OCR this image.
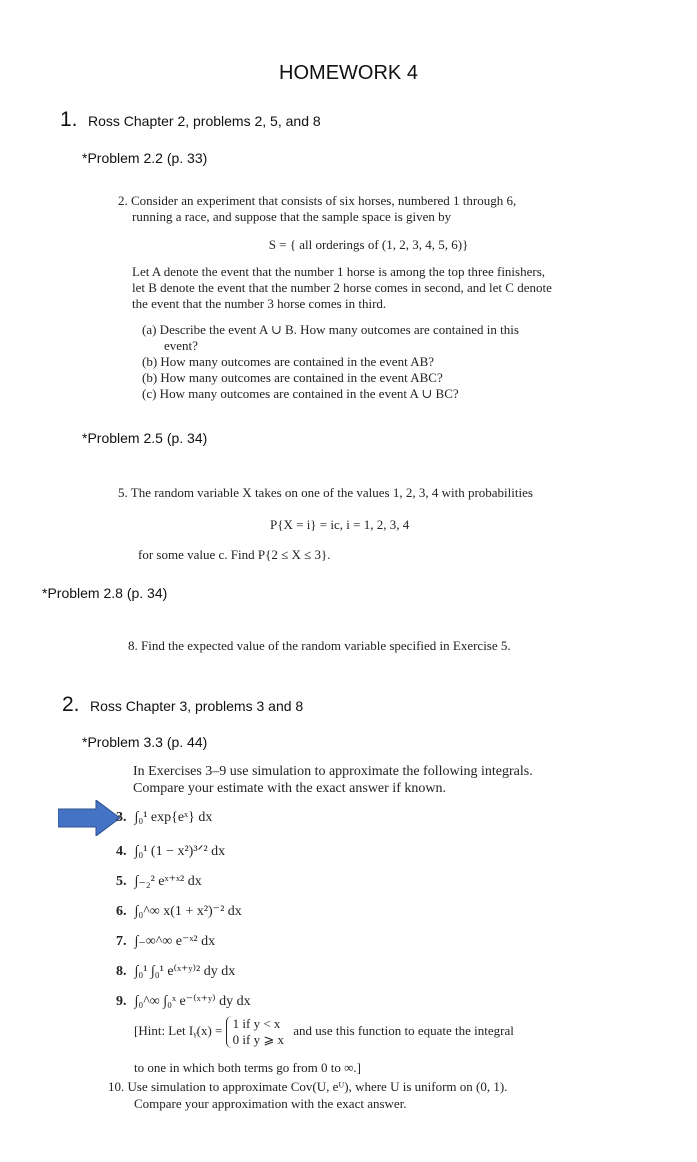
HOMEWORK 4
1. Ross Chapter 2, problems 2, 5, and 8
*Problem 2.2 (p. 33)
2. Consider an experiment that consists of six horses, numbered 1 through 6,
running a race, and suppose that the sample space is given by
S = { all orderings of (1, 2, 3, 4, 5, 6)}
Let A denote the event that the number 1 horse is among the top three finishers,
let B denote the event that the number 2 horse comes in second, and let C denote
the event that the number 3 horse comes in third.
(a) Describe the event A ∪ B. How many outcomes are contained in this
event?
(b) How many outcomes are contained in the event AB?
(b) How many outcomes are contained in the event ABC?
(c) How many outcomes are contained in the event A ∪ BC?
*Problem 2.5 (p. 34)
5. The random variable X takes on one of the values 1, 2, 3, 4 with probabilities
P{X = i} = ic, i = 1, 2, 3, 4
for some value c. Find P{2 ≤ X ≤ 3}.
*Problem 2.8 (p. 34)
8. Find the expected value of the random variable specified in Exercise 5.
2. Ross Chapter 3, problems 3 and 8
*Problem 3.3 (p. 44)
In Exercises 3–9 use simulation to approximate the following integrals.
Compare your estimate with the exact answer if known.
3. ∫₀¹ exp{eˣ} dx
4. ∫₀¹ (1 − x²)³ᐟ² dx
5. ∫₋₂² eˣ⁺ˣ² dx
6. ∫₀^∞ x(1 + x²)⁻² dx
7. ∫₋∞^∞ e⁻ˣ² dx
8. ∫₀¹ ∫₀¹ e⁽ˣ⁺ʸ⁾² dy dx
9. ∫₀^∞ ∫₀ˣ e⁻⁽ˣ⁺ʸ⁾ dy dx
[Hint: Let Iᵧ(x) = 1 if y < x
0 if y ⩾ x
and use this function to equate the integral
to one in which both terms go from 0 to ∞.]
10. Use simulation to approximate Cov(U, eᵁ), where U is uniform on (0, 1).
Compare your approximation with the exact answer.
